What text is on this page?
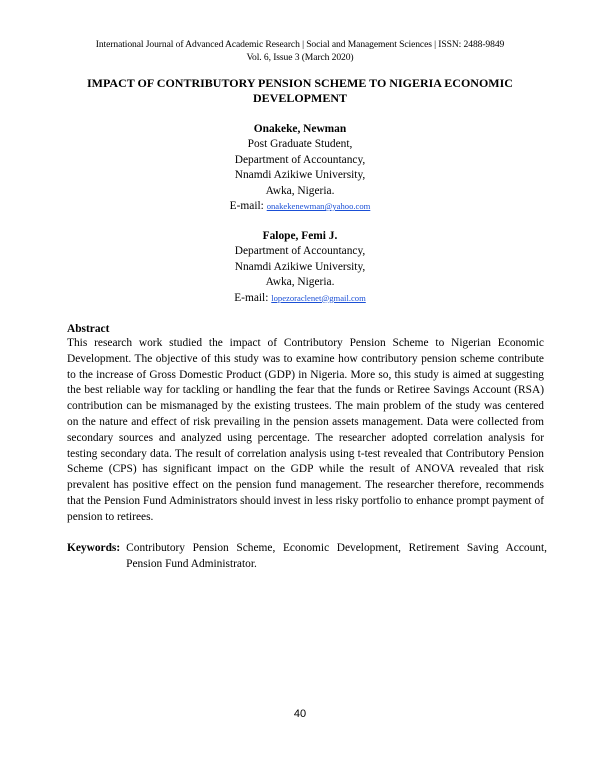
International Journal of Advanced Academic Research | Social and Management Sciences | ISSN: 2488-9849
Vol. 6, Issue 3 (March 2020)
IMPACT OF CONTRIBUTORY PENSION SCHEME TO NIGERIA ECONOMIC
DEVELOPMENT
Onakeke, Newman
Post Graduate Student,
Department of Accountancy,
Nnamdi Azikiwe University,
Awka, Nigeria.
E-mail: onakekenewman@yahoo.com
Falope, Femi J.
Department of Accountancy,
Nnamdi Azikiwe University,
Awka, Nigeria.
E-mail: lopezoraclenet@gmail.com
Abstract

This research work studied the impact of Contributory Pension Scheme to Nigerian Economic Development. The objective of this study was to examine how contributory pension scheme contribute to the increase of Gross Domestic Product (GDP) in Nigeria. More so, this study is aimed at suggesting the best reliable way for tackling or handling the fear that the funds or Retiree Savings Account (RSA) contribution can be mismanaged by the existing trustees. The main problem of the study was centered on the nature and effect of risk prevailing in the pension assets management. Data were collected from secondary sources and analyzed using percentage. The researcher adopted correlation analysis for testing secondary data. The result of correlation analysis using t-test revealed that Contributory Pension Scheme (CPS) has significant impact on the GDP while the result of ANOVA revealed that risk prevalent has positive effect on the pension fund management. The researcher therefore, recommends that the Pension Fund Administrators should invest in less risky portfolio to enhance prompt payment of pension to retirees.

Keywords: Contributory Pension Scheme, Economic Development, Retirement Saving Account, Pension Fund Administrator.
40
